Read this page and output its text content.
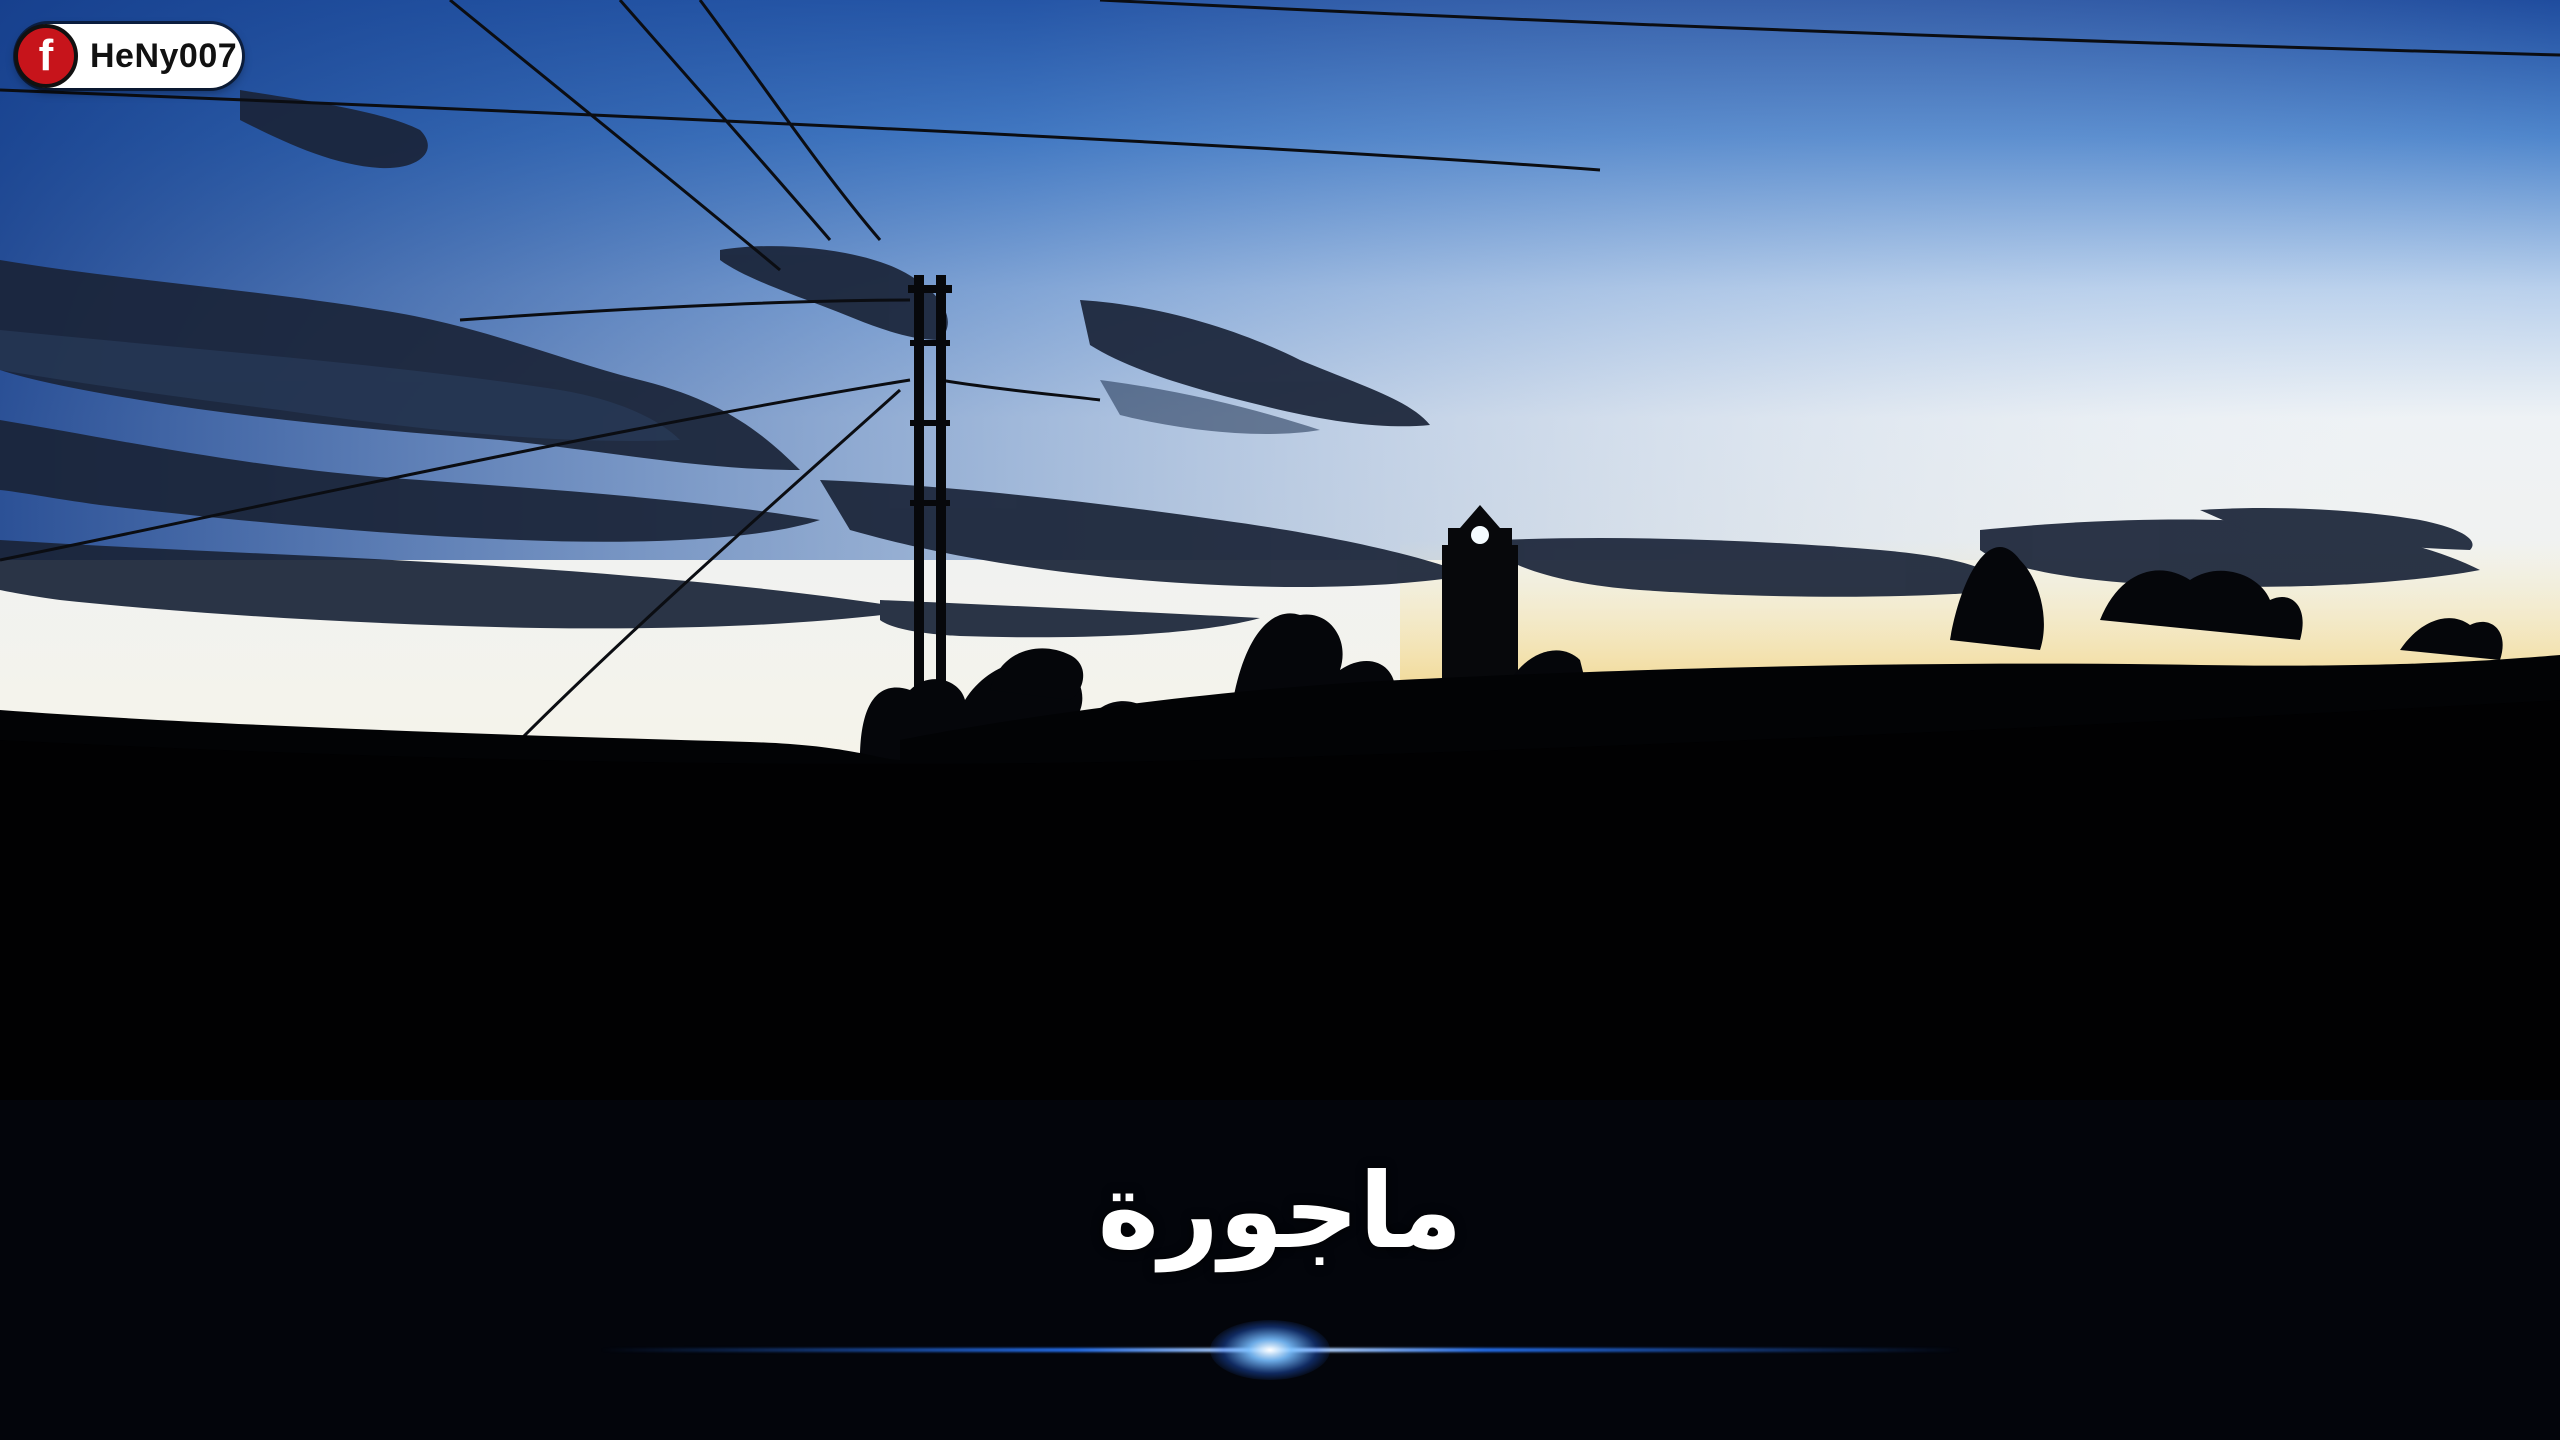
f	HeNy007
ماجورة
